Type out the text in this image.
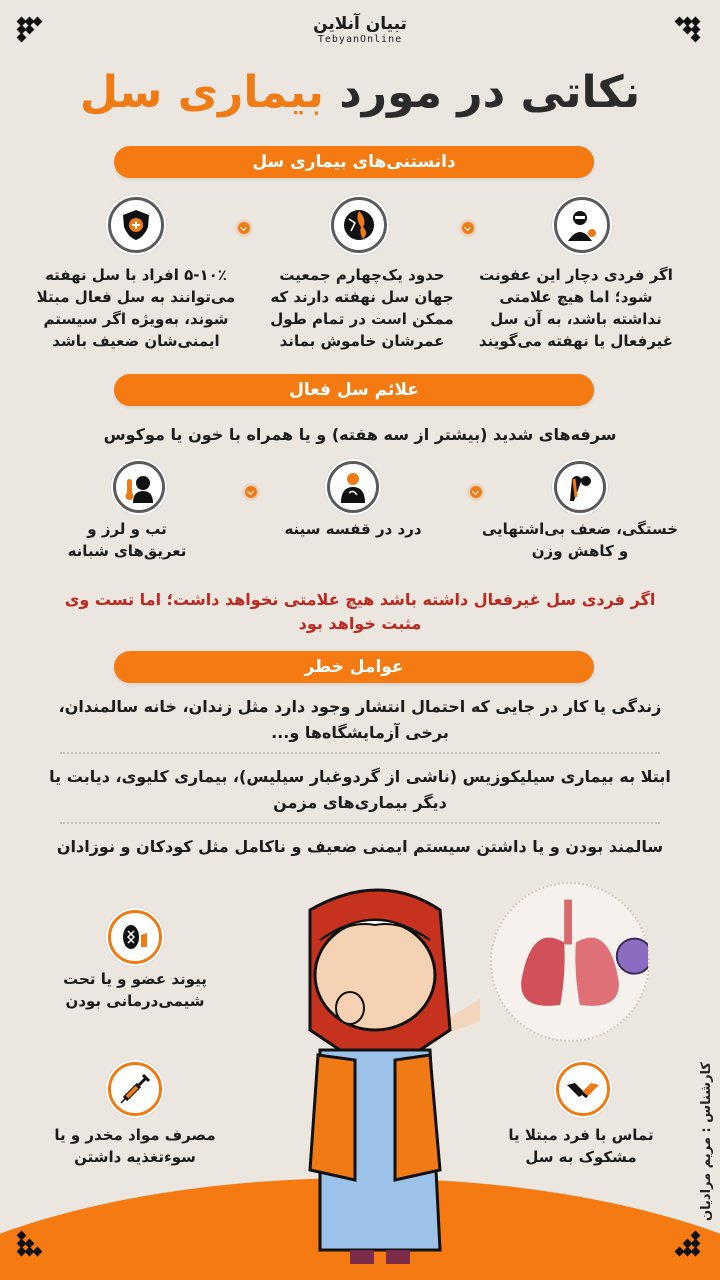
تبیان آنلاین
TebyanOnline
نکاتی در مورد بیماری سل
دانستنی‌های بیماری سل
اگر فردی دچار این عفونت شود؛ اما هیچ علامتی نداشته باشد، به آن سل غیرفعال یا نهفته می‌گویند
حدود یک‌چهارم جمعیت جهان سل نهفته دارند که ممکن است در تمام طول عمرشان خاموش بماند
۵-۱۰٪ افراد با سل نهفته می‌توانند به سل فعال مبتلا شوند، به‌ویژه اگر سیستم ایمنی‌شان ضعیف باشد
علائم سل فعال
سرفه‌های شدید (بیشتر از سه هفته) و یا همراه با خون یا موکوس
خستگی، ضعف بی‌اشتهایی و کاهش وزن
درد در قفسه سینه
تب و لرز و تعریق‌های شبانه
اگر فردی سل غیرفعال داشته باشد هیچ علامتی نخواهد داشت؛ اما تست وی مثبت خواهد بود
عوامل خطر
زندگی یا کار در جایی که احتمال انتشار وجود دارد مثل زندان، خانه سالمندان، برخی آزمایشگاه‌ها و...
ابتلا به بیماری سیلیکوزیس (ناشی از گردوغبار سیلیس)، بیماری کلیوی، دیابت یا دیگر بیماری‌های مزمن
سالمند بودن و یا داشتن سیستم ایمنی ضعیف و ناکامل مثل کودکان و نوزادان
پیوند عضو و یا تحت شیمی‌درمانی بودن
مصرف مواد مخدر و یا سوءتغذیه داشتن
تماس با فرد مبتلا یا مشکوک به سل	کارشناس : مریم مرادیان
